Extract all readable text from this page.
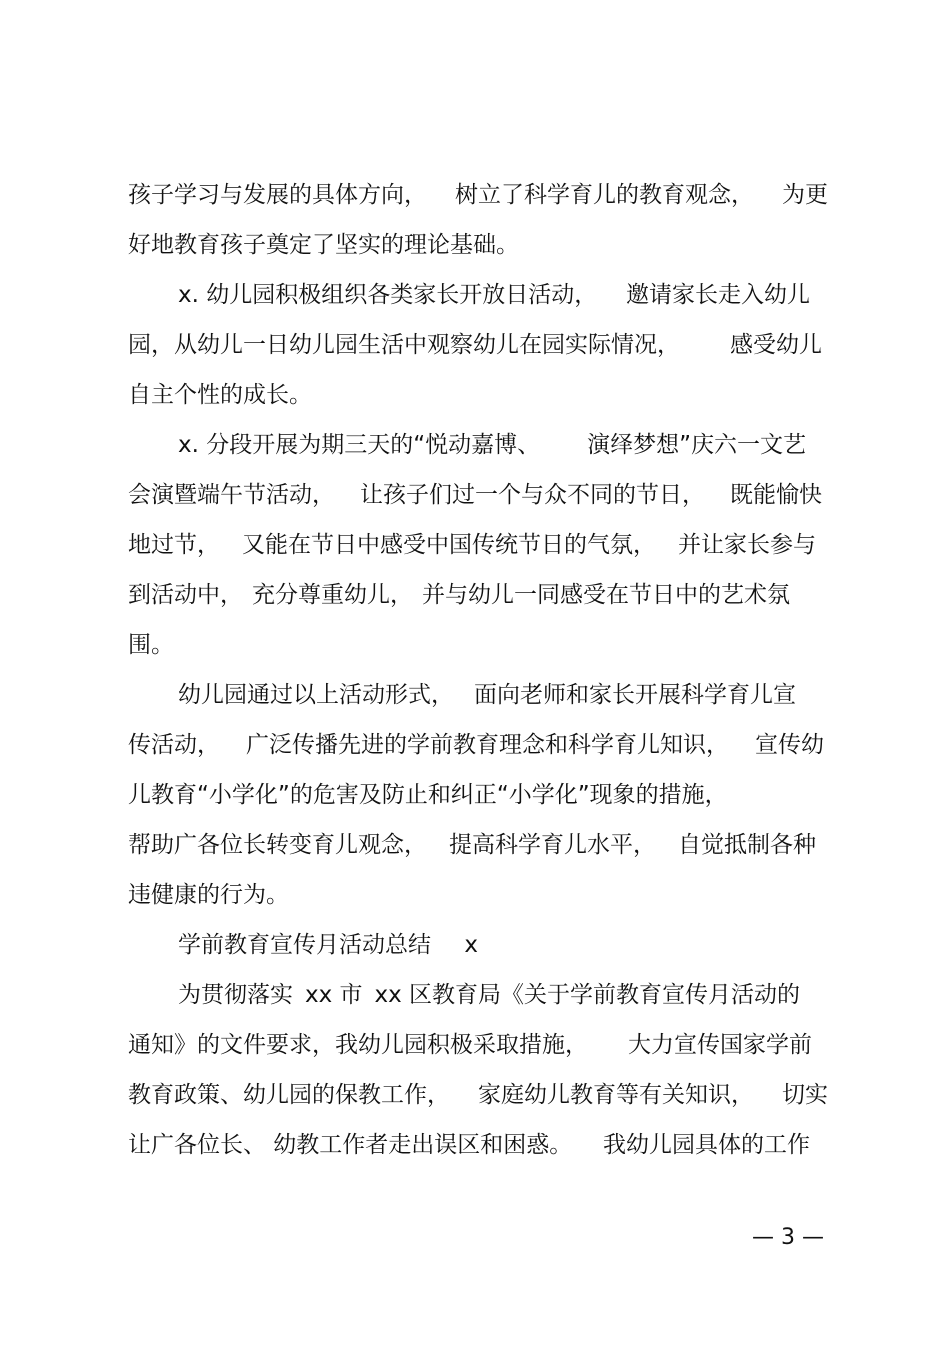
孩子学习与发展的具体方向， 树立了科学育儿的教育观念， 为更
好地教育孩子奠定了坚实的理论基础。
x. 幼儿园积极组织各类家长开放日活动， 邀请家长走入幼儿
园，从幼儿一日幼儿园生活中观察幼儿在园实际情况， 感受幼儿
自主个性的成长。
x. 分段开展为期三天的“悦动嘉博、 演绎梦想”庆六一文艺
会演暨端午节活动， 让孩子们过一个与众不同的节日， 既能愉快
地过节， 又能在节日中感受中国传统节日的气氛， 并让家长参与
到活动中， 充分尊重幼儿， 并与幼儿一同感受在节日中的艺术氛
围。
幼儿园通过以上活动形式， 面向老师和家长开展科学育儿宣
传活动， 广泛传播先进的学前教育理念和科学育儿知识， 宣传幼
儿教育“小学化”的危害及防止和纠正“小学化”现象的措施，
帮助广各位长转变育儿观念， 提高科学育儿水平， 自觉抵制各种
违健康的行为。
学前教育宣传月活动总结 x
为贯彻落实 xx 市 xx 区教育局《关于学前教育宣传月活动的
通知》的文件要求，我幼儿园积极采取措施， 大力宣传国家学前
教育政策、幼儿园的保教工作， 家庭幼儿教育等有关知识， 切实
让广各位长、 幼教工作者走出误区和困惑。 我幼儿园具体的工作
— 3 —
